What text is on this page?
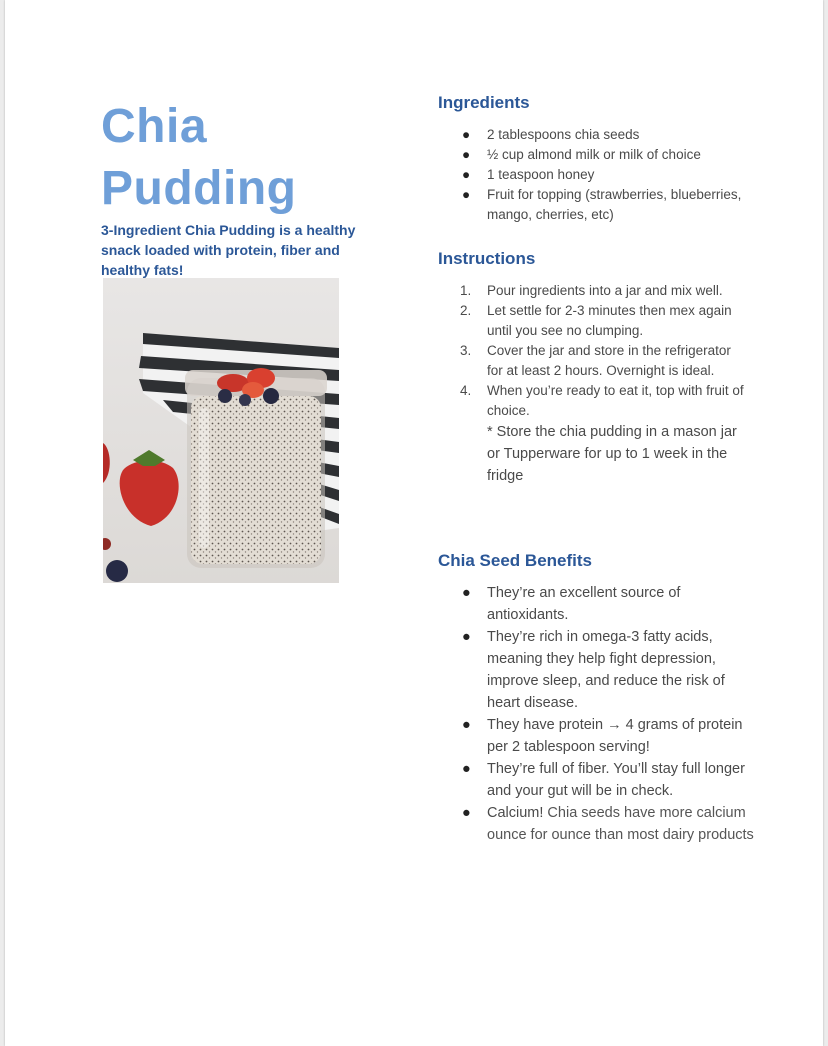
Chia
Pudding

3-Ingredient Chia Pudding is a healthy snack loaded with protein, fiber and healthy fats!

Ingredients
● 2 tablespoons chia seeds
● ½ cup almond milk or milk of choice
● 1 teaspoon honey
● Fruit for topping (strawberries, blueberries, mango, cherries, etc)
Instructions
1. Pour ingredients into a jar and mix well.
2. Let settle for 2-3 minutes then mex again until you see no clumping.
3. Cover the jar and store in the refrigerator for at least 2 hours. Overnight is ideal.
4. When you’re ready to eat it, top with fruit of choice.
* Store the chia pudding in a mason jar or Tupperware for up to 1 week in the fridge
Chia Seed Benefits
● They’re an excellent source of antioxidants.
● They’re rich in omega-3 fatty acids, meaning they help fight depression, improve sleep, and reduce the risk of heart disease.
● They have protein → 4 grams of protein per 2 tablespoon serving!
● They’re full of fiber. You’ll stay full longer and your gut will be in check.
● Calcium! Chia seeds have more calcium ounce for ounce than most dairy products
